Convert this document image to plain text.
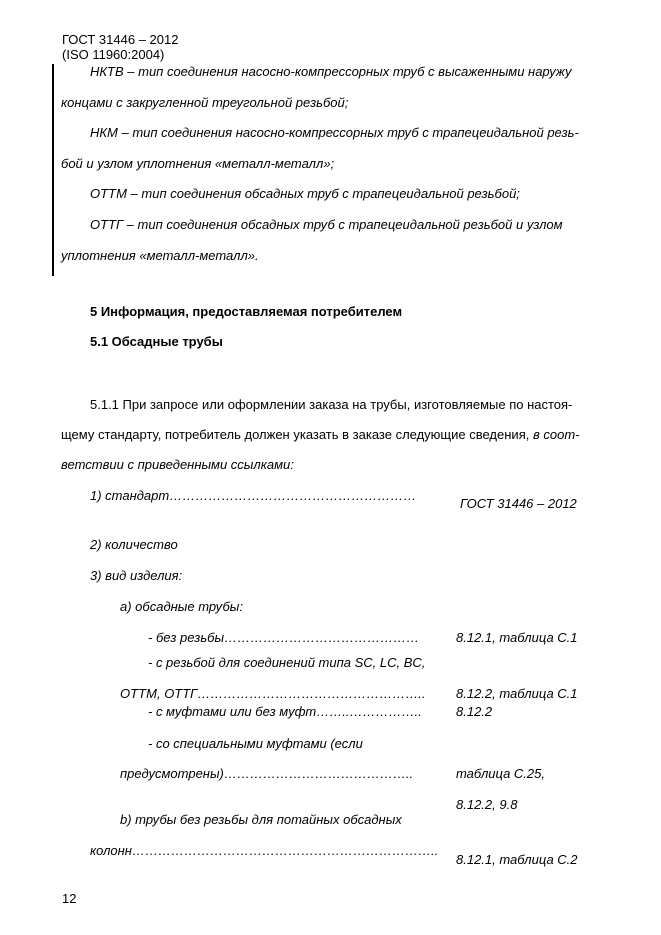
ГОСТ 31446 – 2012
(ISO 11960:2004)
НКТВ – тип соединения насосно-компрессорных труб с высаженными наружу
концами с закругленной треугольной резьбой;
НКМ – тип соединения насосно-компрессорных труб с трапецеидальной резь-
бой и узлом уплотнения «металл-металл»;
ОТТМ – тип соединения обсадных труб с трапецеидальной резьбой;
ОТТГ – тип соединения обсадных труб с трапецеидальной резьбой и узлом
уплотнения «металл-металл».
5 Информация, предоставляемая потребителем
5.1 Обсадные трубы
5.1.1 При запросе или оформлении заказа на трубы, изготовляемые по настоя-
щему стандарту, потребитель должен указать в заказе следующие сведения, в соот-
ветствии с приведенными ссылками:
1) стандарт…………………………………………………
ГОСТ 31446 – 2012
2) количество
3) вид изделия:
а) обсадные трубы:
- без резьбы………………………………………	8.12.1, таблица С.1
- с резьбой для соединений типа SC, LC, BC,
ОТТМ, ОТТГ…………………………………………….. 8.12.2, таблица С.1
- с муфтами или без муфт……..……………..	8.12.2
- со специальными муфтами (если
предусмотрены)……………………………………..	таблица С.25,
8.12.2, 9.8
b) трубы без резьбы для потайных обсадных
колонн……………………………………………………………..
8.12.1, таблица С.2
12
